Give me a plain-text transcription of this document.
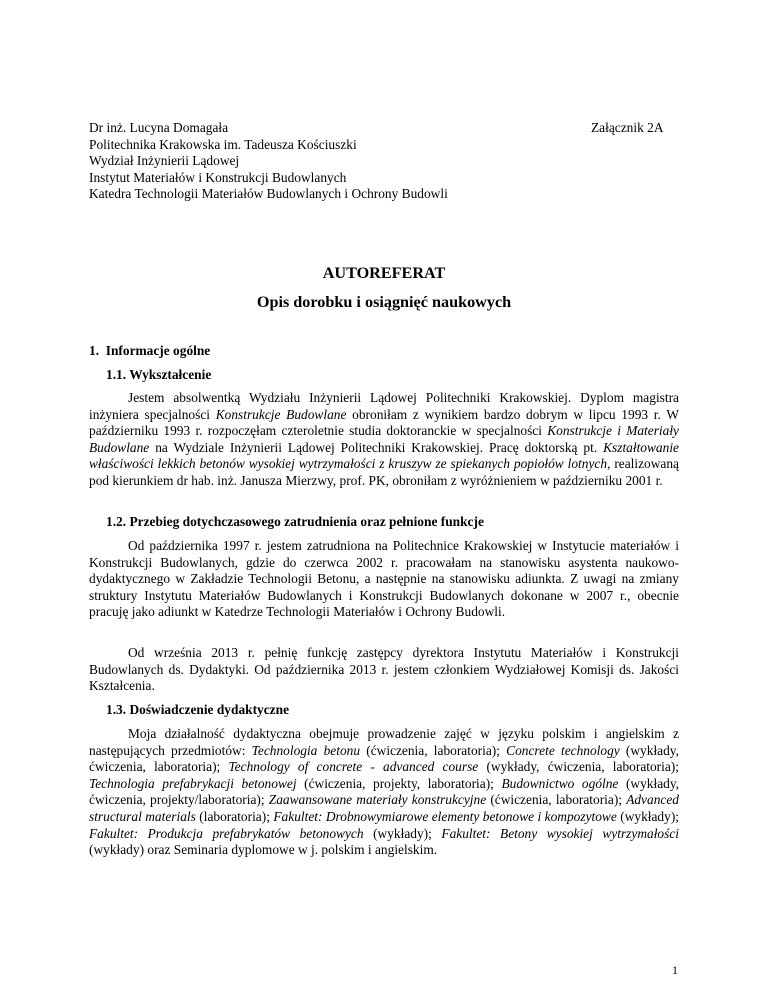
Dr inż. Lucyna Domagała
Politechnika Krakowska im. Tadeusza Kościuszki
Wydział Inżynierii Lądowej
Instytut Materiałów i Konstrukcji Budowlanych
Katedra Technologii Materiałów Budowlanych i Ochrony Budowli
Załącznik 2A
AUTOREFERAT
Opis dorobku i osiągnięć naukowych
1. Informacje ogólne
1.1. Wykształcenie

Jestem absolwentką Wydziału Inżynierii Lądowej Politechniki Krakowskiej. Dyplom magistra inżyniera specjalności Konstrukcje Budowlane obroniłam z wynikiem bardzo dobrym w lipcu 1993 r. W październiku 1993 r. rozpoczęłam czteroletnie studia doktoranckie w specjalności Konstrukcje i Materiały Budowlane na Wydziale Inżynierii Lądowej Politechniki Krakowskiej. Pracę doktorską pt. Kształtowanie właściwości lekkich betonów wysokiej wytrzymałości z kruszyw ze spiekanych popiołów lotnych, realizowaną pod kierunkiem dr hab. inż. Janusza Mierzwy, prof. PK, obroniłam z wyróżnieniem w październiku 2001 r.

1.2. Przebieg dotychczasowego zatrudnienia oraz pełnione funkcje

Od października 1997 r. jestem zatrudniona na Politechnice Krakowskiej w Instytucie materiałów i Konstrukcji Budowlanych, gdzie do czerwca 2002 r. pracowałam na stanowisku asystenta naukowo-dydaktycznego w Zakładzie Technologii Betonu, a następnie na stanowisku adiunkta. Z uwagi na zmiany struktury Instytutu Materiałów Budowlanych i Konstrukcji Budowlanych dokonane w 2007 r., obecnie pracuję jako adiunkt w Katedrze Technologii Materiałów i Ochrony Budowli.

Od września 2013 r. pełnię funkcję zastępcy dyrektora Instytutu Materiałów i Konstrukcji Budowlanych ds. Dydaktyki. Od października 2013 r. jestem członkiem Wydziałowej Komisji ds. Jakości Kształcenia.

1.3. Doświadczenie dydaktyczne

Moja działalność dydaktyczna obejmuje prowadzenie zajęć w języku polskim i angielskim z następujących przedmiotów: Technologia betonu (ćwiczenia, laboratoria); Concrete technology (wykłady, ćwiczenia, laboratoria); Technology of concrete - advanced course (wykłady, ćwiczenia, laboratoria); Technologia prefabrykacji betonowej (ćwiczenia, projekty, laboratoria); Budownictwo ogólne (wykłady, ćwiczenia, projekty/laboratoria); Zaawansowane materiały konstrukcyjne (ćwiczenia, laboratoria); Advanced structural materials (laboratoria); Fakultet: Drobnowymiarowe elementy betonowe i kompozytowe (wykłady); Fakultet: Produkcja prefabrykatów betonowych (wykłady); Fakultet: Betony wysokiej wytrzymałości (wykłady) oraz Seminaria dyplomowe w j. polskim i angielskim.

1
